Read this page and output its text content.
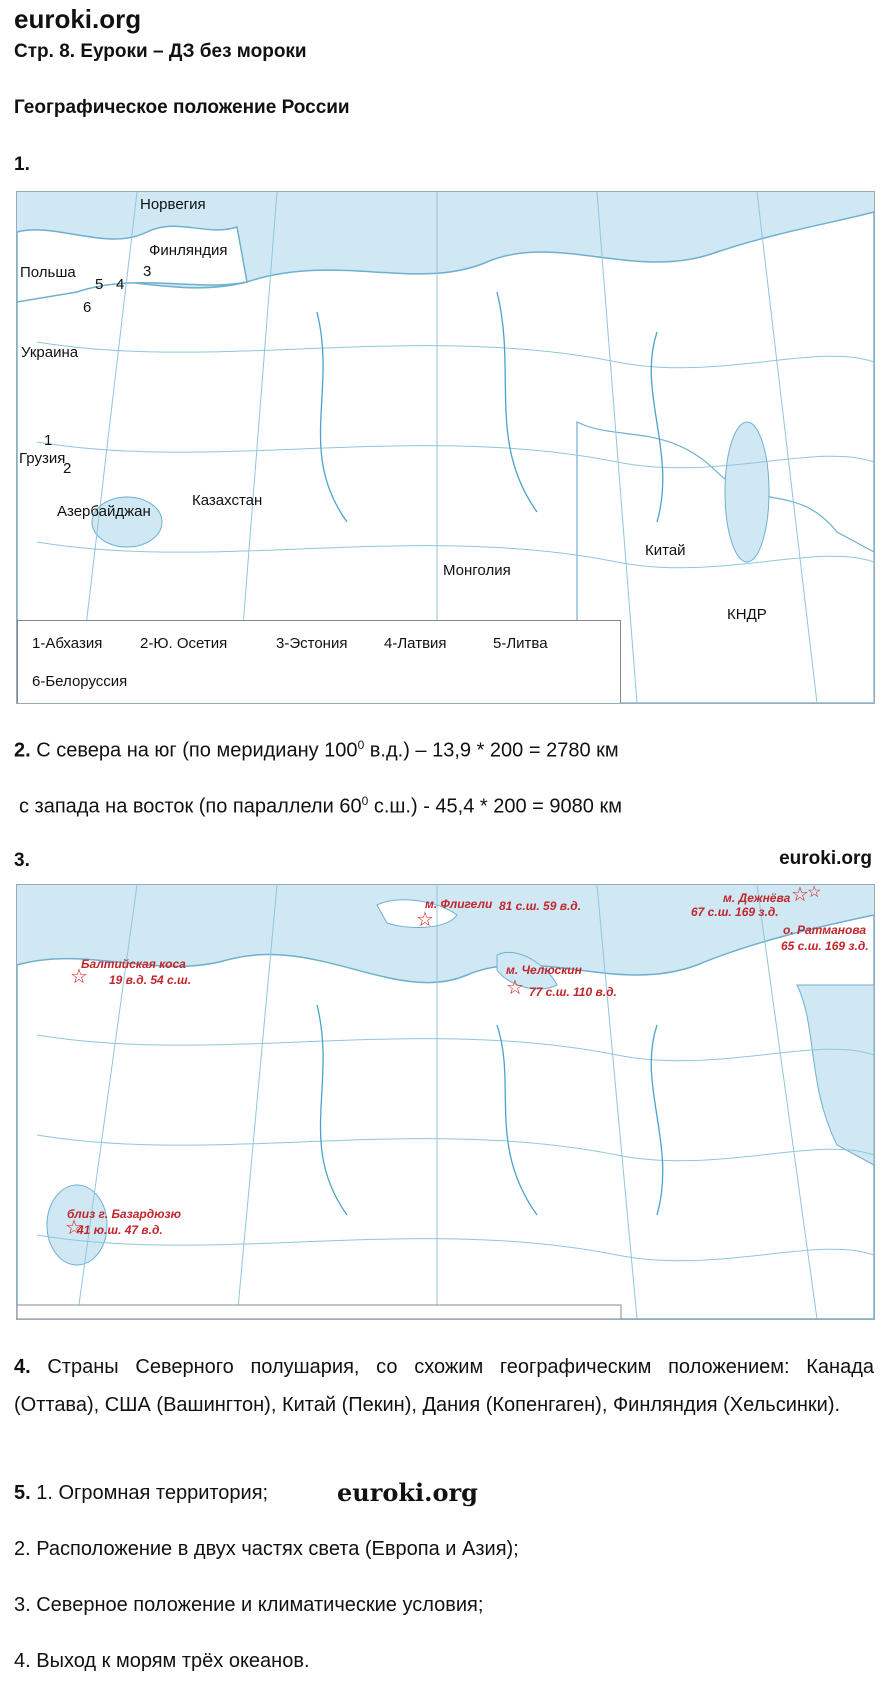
euroki.org
Стр. 8. Еуроки – ДЗ без мороки
Географическое положение России
1.
Норвегия
Финляндия
Польша
5 4
3
6
Украина
1
Грузия
2
Азербайджан
Казахстан
Монголия
Китай
КНДР
1-Абхазия	2-Ю. Осетия	3-Эстония 4-Латвия	5-Литва
6-Белоруссия
2. С севера на юг (по меридиану $100^0$ в.д.) – 13,9 * 200 = 2780 км
с запада на восток (по параллели $60^0$ с.ш.) - 45,4 * 200 = 9080 км
3.	euroki.org
☆
м. Флигели 81 с.ш. 59 в.д.	☆
☆
м. Дежнёва
67 с.ш. 169 з.д.
о. Ратманова
65 с.ш. 169 з.д.
☆
Балтийская коса
19 в.д. 54 с.ш.	☆
м. Челюскин
77 с.ш. 110 в.д.
☆
близ г. Базардюзю
41 ю.ш. 47 в.д.
4. Страны Северного полушария, со схожим географическим положением: Канада (Оттава), США (Вашингтон), Китай (Пекин), Дания (Копенгаген), Финляндия (Хельсинки).
5. 1. Огромная территория;	euroki.org
2. Расположение в двух частях света (Европа и Азия);
3. Северное положение и климатические условия;
4. Выход к морям трёх океанов.
